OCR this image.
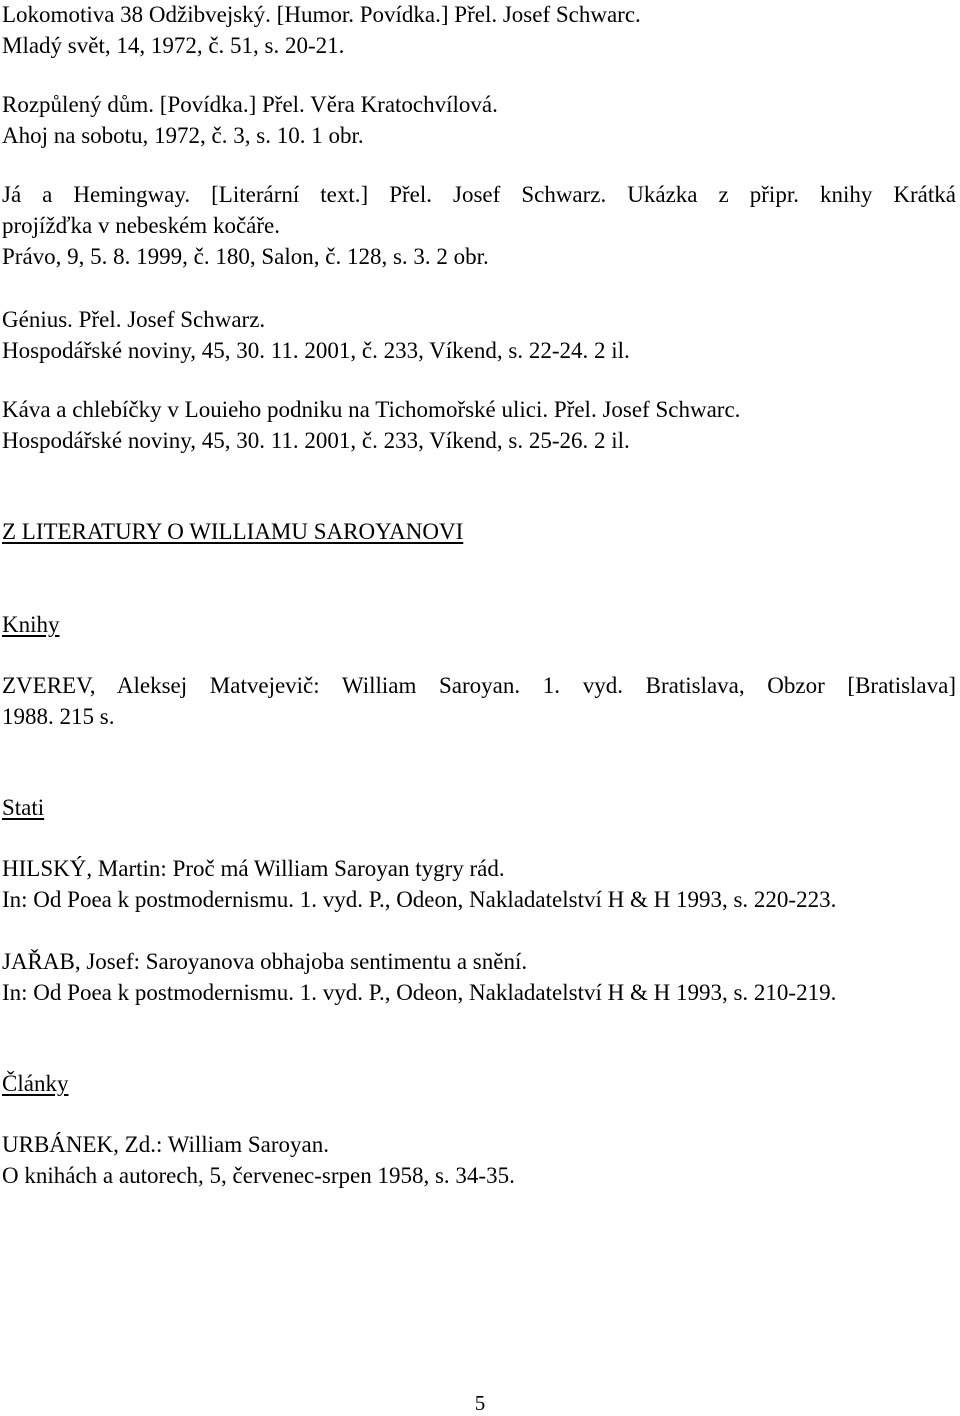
Lokomotiva 38 Odžibvejský. [Humor. Povídka.] Přel. Josef Schwarc.
Mladý svět, 14, 1972, č. 51, s. 20-21.
Rozpůlený dům. [Povídka.] Přel. Věra Kratochvílová.
Ahoj na sobotu, 1972, č. 3, s. 10. 1 obr.
Já a Hemingway. [Literární text.] Přel. Josef Schwarz. Ukázka z připr. knihy Krátká
projížďka v nebeském kočáře.
Právo, 9, 5. 8. 1999, č. 180, Salon, č. 128, s. 3. 2 obr.
Génius. Přel. Josef Schwarz.
Hospodářské noviny, 45, 30. 11. 2001, č. 233, Víkend, s. 22-24. 2 il.
Káva a chlebíčky v Louieho podniku na Tichomořské ulici. Přel. Josef Schwarc.
Hospodářské noviny, 45, 30. 11. 2001, č. 233, Víkend, s. 25-26. 2 il.
Z LITERATURY O WILLIAMU SAROYANOVI
Knihy
ZVEREV, Aleksej Matvejevič: William Saroyan. 1. vyd. Bratislava, Obzor [Bratislava]
1988. 215 s.
Stati
HILSKÝ, Martin: Proč má William Saroyan tygry rád.
In: Od Poea k postmodernismu. 1. vyd. P., Odeon, Nakladatelství H & H 1993, s. 220-223.
JAŘAB, Josef: Saroyanova obhajoba sentimentu a snění.
In: Od Poea k postmodernismu. 1. vyd. P., Odeon, Nakladatelství H & H 1993, s. 210-219.
Články
URBÁNEK, Zd.: William Saroyan.
O knihách a autorech, 5, červenec-srpen 1958, s. 34-35.
5
